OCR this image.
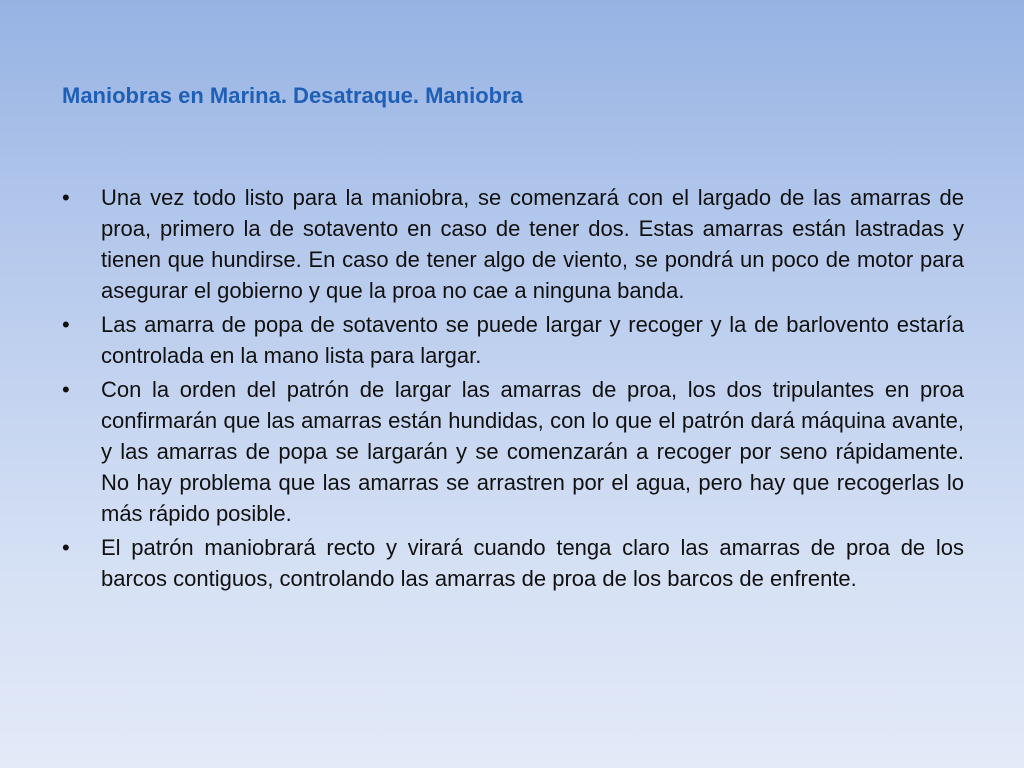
Maniobras en Marina. Desatraque. Maniobra
• Una vez todo listo para la maniobra, se comenzará con el largado de las amarras de proa, primero la de sotavento en caso de tener dos. Estas amarras están lastradas y tienen que hundirse. En caso de tener algo de viento, se pondrá un poco de motor para asegurar el gobierno y que la proa no cae a ninguna banda.
• Las amarra de popa de sotavento se puede largar y recoger y la de barlovento estaría controlada en la mano lista para largar.
• Con la orden del patrón de largar las amarras de proa, los dos tripulantes en proa confirmarán que las amarras están hundidas, con lo que el patrón dará máquina avante, y las amarras de popa se largarán y se comenzarán a recoger por seno rápidamente. No hay problema que las amarras se arrastren por el agua, pero hay que recogerlas lo más rápido posible.
• El patrón maniobrará recto y virará cuando tenga claro las amarras de proa de los barcos contiguos, controlando las amarras de proa de los barcos de enfrente.
